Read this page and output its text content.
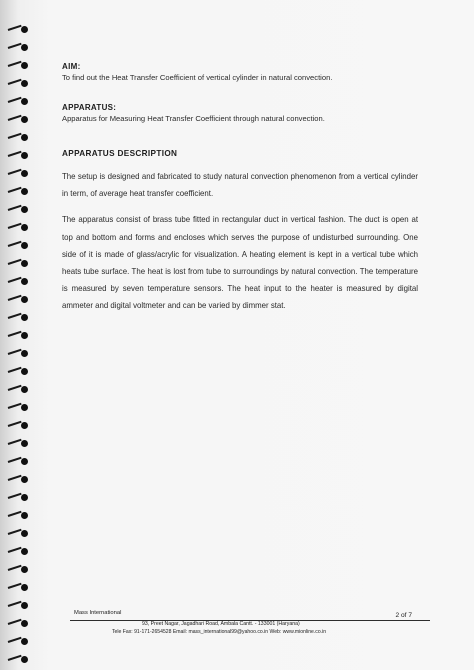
AIM:
To find out the Heat Transfer Coefficient of vertical cylinder in natural convection.
APPARATUS:
Apparatus for Measuring Heat Transfer Coefficient through natural convection.
APPARATUS DESCRIPTION

The setup is designed and fabricated to study natural convection phenomenon from a vertical cylinder in term, of average heat transfer coefficient.

The apparatus consist of brass tube fitted in rectangular duct in vertical fashion. The duct is open at top and bottom and forms and encloses which serves the purpose of undisturbed surrounding. One side of it is made of glass/acrylic for visualization. A heating element is kept in a vertical tube which heats tube surface. The heat is lost from tube to surroundings by natural convection. The temperature is measured by seven temperature sensors. The heat input to the heater is measured by digital ammeter and digital voltmeter and can be varied by dimmer stat.

Mass International	2 of 7
93, Preet Nagar, Jagadhari Road, Ambala Cantt. - 133001 (Haryana)
Tele Fax: 91-171-2654528 Email: mass_international99@yahoo.co.in Web: www.mionline.co.in
